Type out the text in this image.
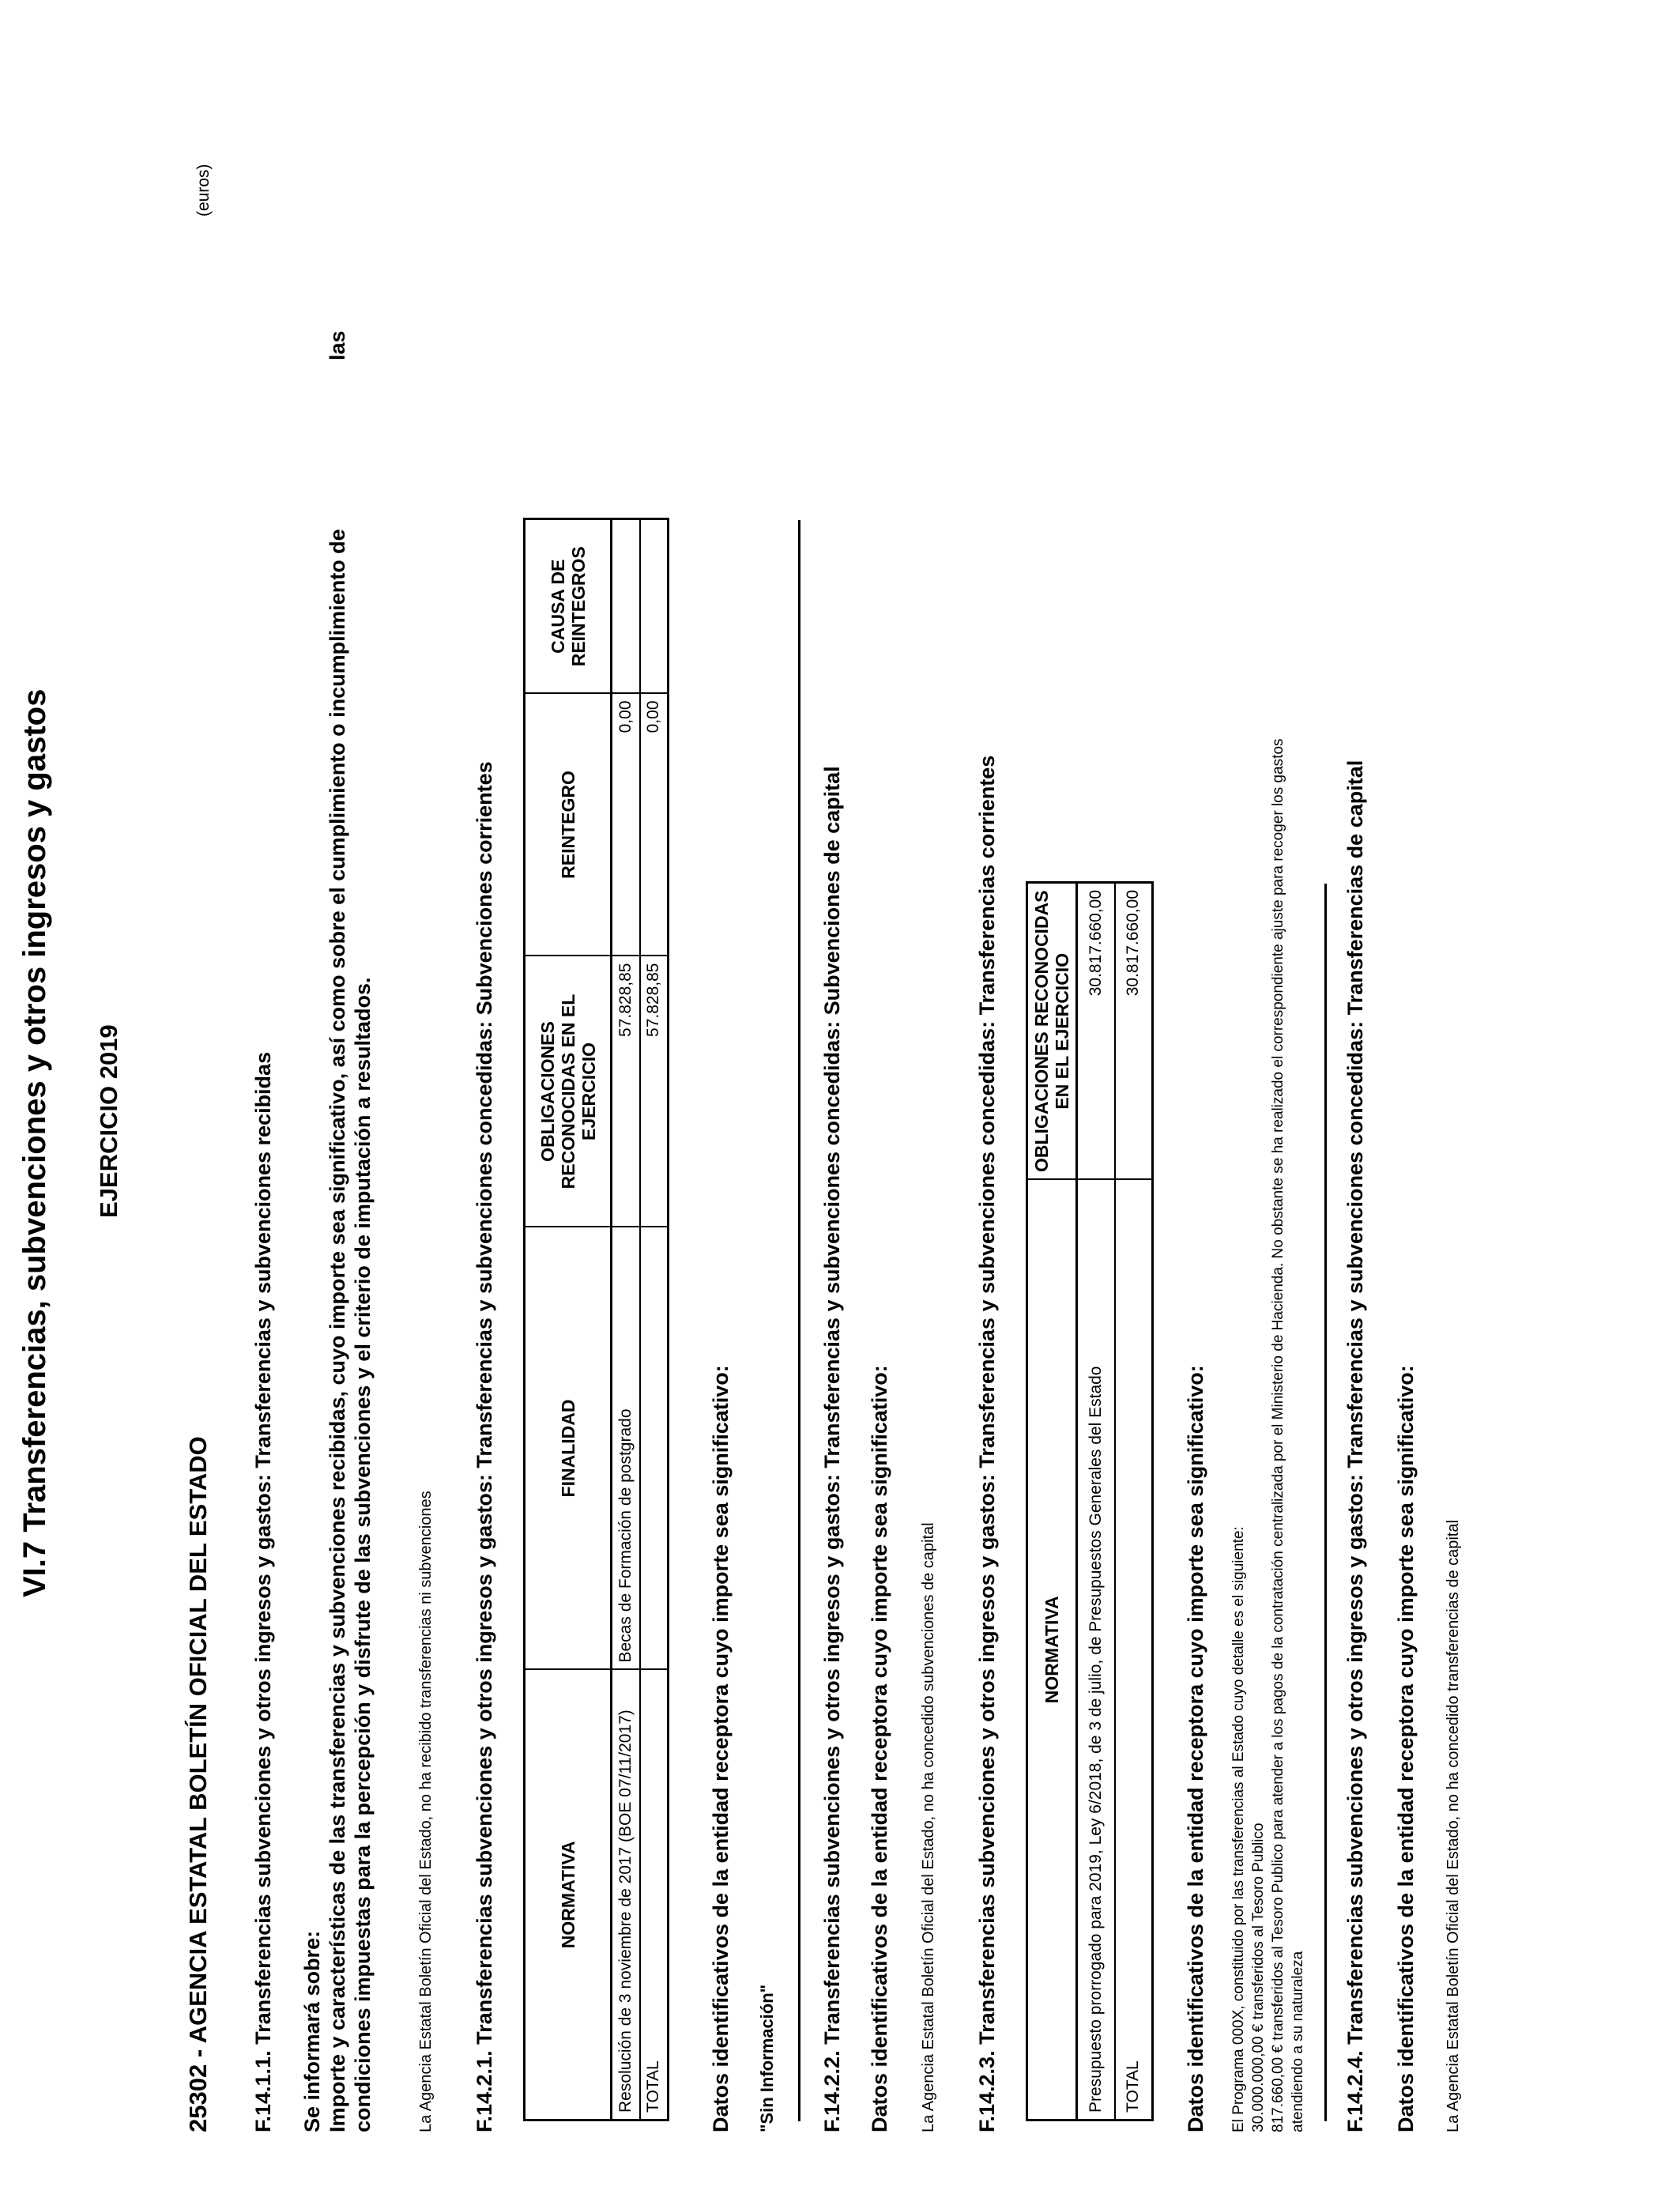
VI.7 Transferencias, subvenciones y otros ingresos y gastos EJERCICIO 2019
(euros)
25302 - AGENCIA ESTATAL BOLETÍN OFICIAL DEL ESTADO F.14.1.1. Transferencias subvenciones y otros ingresos y gastos: Transferencias y subvenciones recibidas Se informará sobre: Importe y características de las transferencias y subvenciones recibidas, cuyo importe sea significativo, así como sobre el cumplimiento o incumplimiento de
las
condiciones impuestas para la percepción y disfrute de las subvenciones y el criterio de imputación a resultados.	La Agencia Estatal Boletín Oficial del Estado, no ha recibido transferencias ni subvenciones F.14.2.1. Transferencias subvenciones y otros ingresos y gastos: Transferencias y subvenciones concedidas: Subvenciones corrientes	NORMATIVA	FINALIDAD	OBLIGACIONES RECONOCIDAS EN EL EJERCICIO	REINTEGRO	CAUSA DE REINTEGROS
Resolución de 3 noviembre de 2017 (BOE 07/11/2017)	Becas de Formación de postgrado	57.828,85	0,00	
TOTAL		57.828,85	0,00	
Datos identificativos de la entidad receptora cuyo importe sea significativo: "Sin Información" F.14.2.2. Transferencias subvenciones y otros ingresos y gastos: Transferencias y subvenciones concedidas: Subvenciones de capital Datos identificativos de la entidad receptora cuyo importe sea significativo: La Agencia Estatal Boletín Oficial del Estado, no ha concedido subvenciones de capital F.14.2.3. Transferencias subvenciones y otros ingresos y gastos: Transferencias y subvenciones concedidas: Transferencias corrientes NORMATIVA	OBLIGACIONES RECONOCIDAS EN EL EJERCICIO
Presupuesto prorrogado para 2019, Ley 6/2018, de 3 de julio, de Presupuestos Generales del Estado	30.817.660,00
TOTAL	30.817.660,00
Datos identificativos de la entidad receptora cuyo importe sea significativo: El Programa 000X, constituido por las transferencias al Estado cuyo detalle es el siguiente: 30.000.000,00 € transferidos al Tesoro Publico 817.660,00 € transferidos al Tesoro Publico para atender a los pagos de la contratación centralizada por el Ministerio de Hacienda. No obstante se ha realizado el correspondiente ajuste para recoger los gastos atendiendo a su naturaleza F.14.2.4. Transferencias subvenciones y otros ingresos y gastos: Transferencias y subvenciones concedidas: Transferencias de capital Datos identificativos de la entidad receptora cuyo importe sea significativo: La Agencia Estatal Boletín Oficial del Estado, no ha concedido transferencias de capital
